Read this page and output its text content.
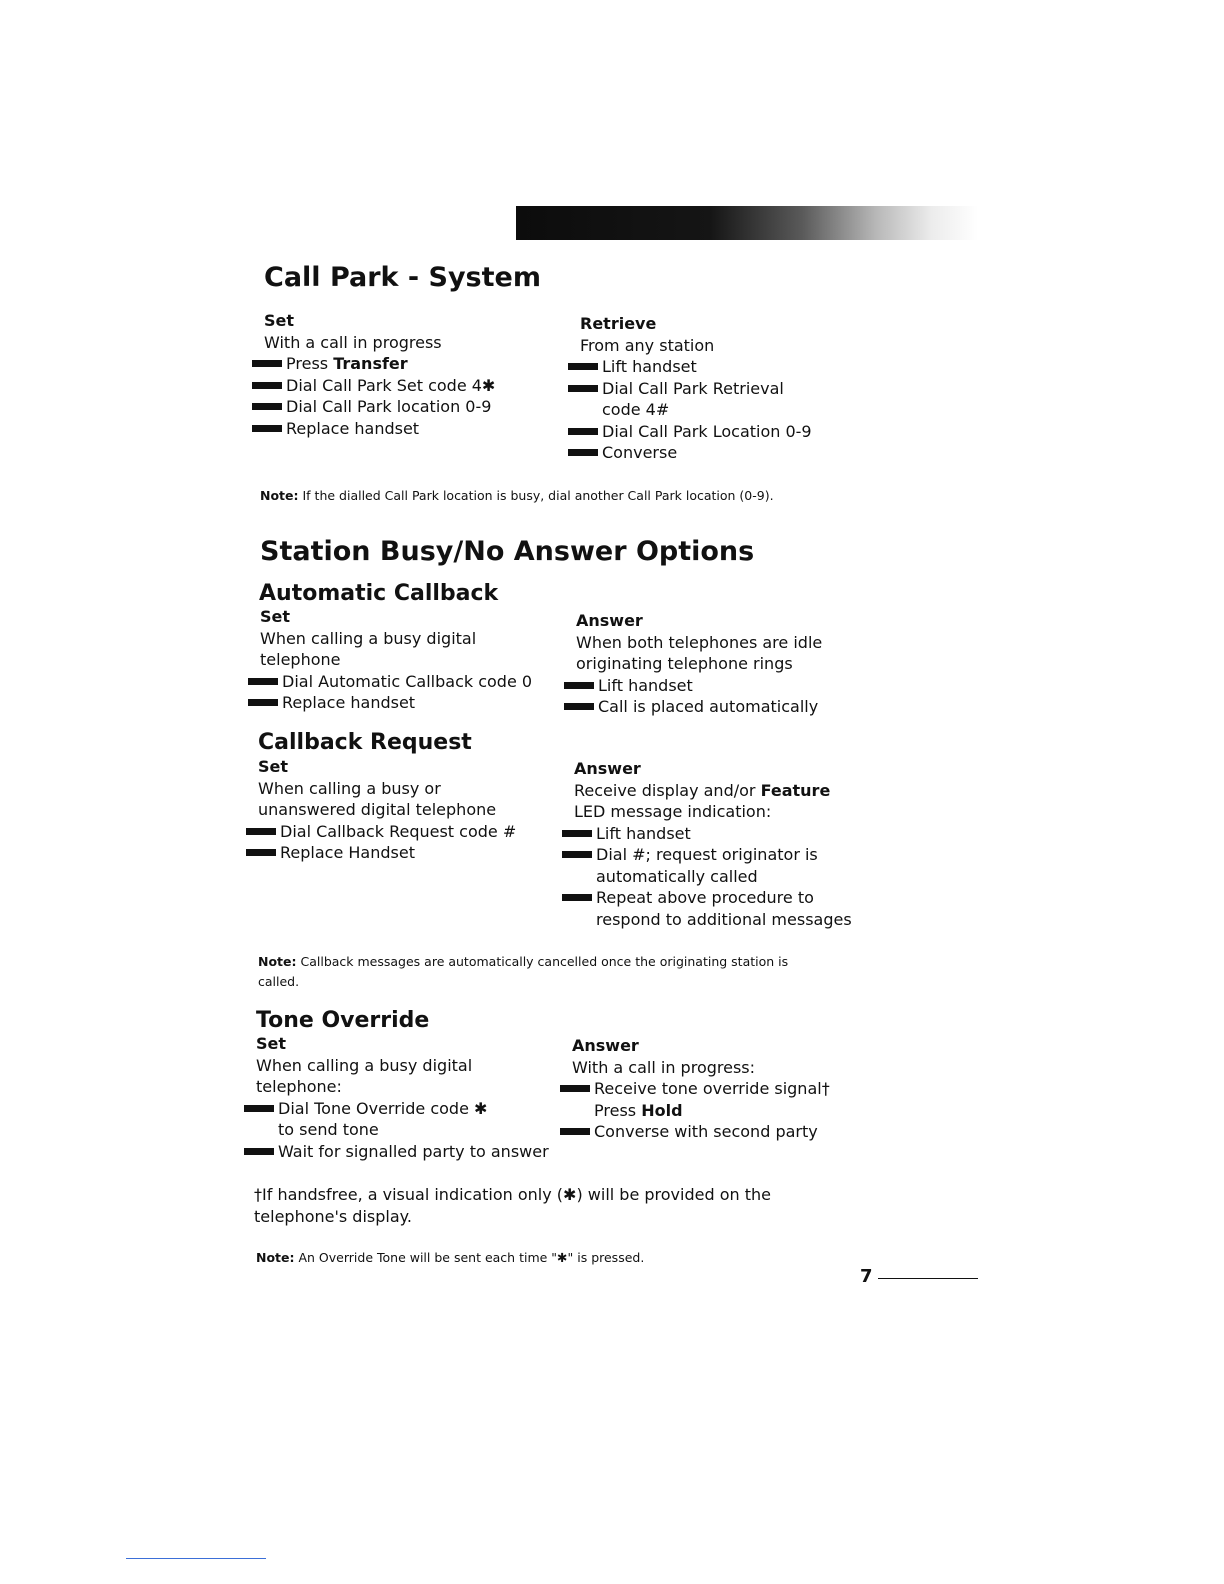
Call Park - System
Set
With a call in progress
Press Transfer
Dial Call Park Set code 4✱
Dial Call Park location 0-9
Replace handset
Retrieve
From any station
Lift handset
Dial Call Park Retrieval
code 4#
Dial Call Park Location 0-9
Converse
Note: If the dialled Call Park location is busy, dial another Call Park location (0-9).
Station Busy/No Answer Options
Automatic Callback
Set
When calling a busy digital
telephone
Dial Automatic Callback code 0
Replace handset
Answer
When both telephones are idle
originating telephone rings
Lift handset
Call is placed automatically
Callback Request
Set
When calling a busy or
unanswered digital telephone
Dial Callback Request code #
Replace Handset
Answer
Receive display and/or Feature
LED message indication:
Lift handset
Dial #; request originator is
automatically called
Repeat above procedure to
respond to additional messages
Note: Callback messages are automatically cancelled once the originating station is
called.
Tone Override
Set
When calling a busy digital
telephone:
Dial Tone Override code ✱
to send tone
Wait for signalled party to answer
Answer
With a call in progress:
Receive tone override signal†
Press Hold
Converse with second party
†If handsfree, a visual indication only (✱) will be provided on the
telephone's display.
Note: An Override Tone will be sent each time "✱" is pressed.
7
